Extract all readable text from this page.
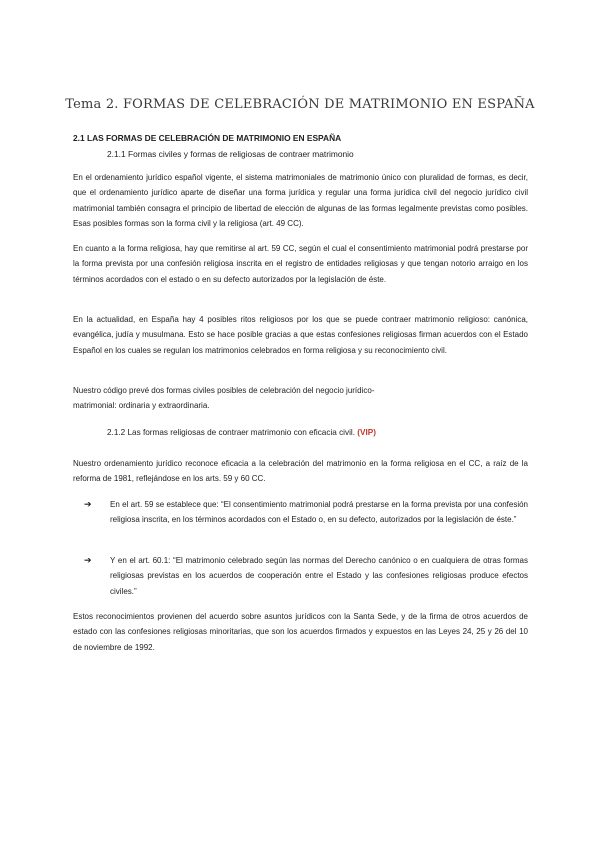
Tema 2. FORMAS DE CELEBRACIÓN DE MATRIMONIO EN ESPAÑA
2.1 LAS FORMAS DE CELEBRACIÓN DE MATRIMONIO EN ESPAÑA
2.1.1 Formas civiles y formas de religiosas de contraer matrimonio
En el ordenamiento jurídico español vigente, el sistema matrimoniales de matrimonio único con pluralidad de formas, es decir, que el ordenamiento jurídico aparte de diseñar una forma jurídica y regular una forma jurídica civil del negocio jurídico civil matrimonial también consagra el principio de libertad de elección de algunas de las formas legalmente previstas como posibles. Esas posibles formas son la forma civil y la religiosa (art. 49 CC).
En cuanto a la forma religiosa, hay que remitirse al art. 59 CC, según el cual el consentimiento matrimonial podrá prestarse por la forma prevista por una confesión religiosa inscrita en el registro de entidades religiosas y que tengan notorio arraigo en los términos acordados con el estado o en su defecto autorizados por la legislación de éste.
En la actualidad, en España hay 4 posibles ritos religiosos por los que se puede contraer matrimonio religioso: canónica, evangélica, judía y musulmana. Esto se hace posible gracias a que estas confesiones religiosas firman acuerdos con el Estado Español en los cuales se regulan los matrimonios celebrados en forma religiosa y su reconocimiento civil.
Nuestro código prevé dos formas civiles posibles de celebración del negocio jurídico-
matrimonial: ordinaria y extraordinaria.
2.1.2 Las formas religiosas de contraer matrimonio con eficacia civil. (VIP)
Nuestro ordenamiento jurídico reconoce eficacia a la celebración del matrimonio en la forma religiosa en el CC, a raíz de la reforma de 1981, reflejándose en los arts. 59 y 60 CC.
➔ En el art. 59 se establece que: “El consentimiento matrimonial podrá prestarse en la forma prevista por una confesión religiosa inscrita, en los términos acordados con el Estado o, en su defecto, autorizados por la legislación de éste.”
➔ Y en el art. 60.1: “El matrimonio celebrado según las normas del Derecho canónico o en cualquiera de otras formas religiosas previstas en los acuerdos de cooperación entre el Estado y las confesiones religiosas produce efectos civiles.”
Estos reconocimientos provienen del acuerdo sobre asuntos jurídicos con la Santa Sede, y de la firma de otros acuerdos de estado con las confesiones religiosas minoritarias, que son los acuerdos firmados y expuestos en las Leyes 24, 25 y 26 del 10 de noviembre de 1992.
